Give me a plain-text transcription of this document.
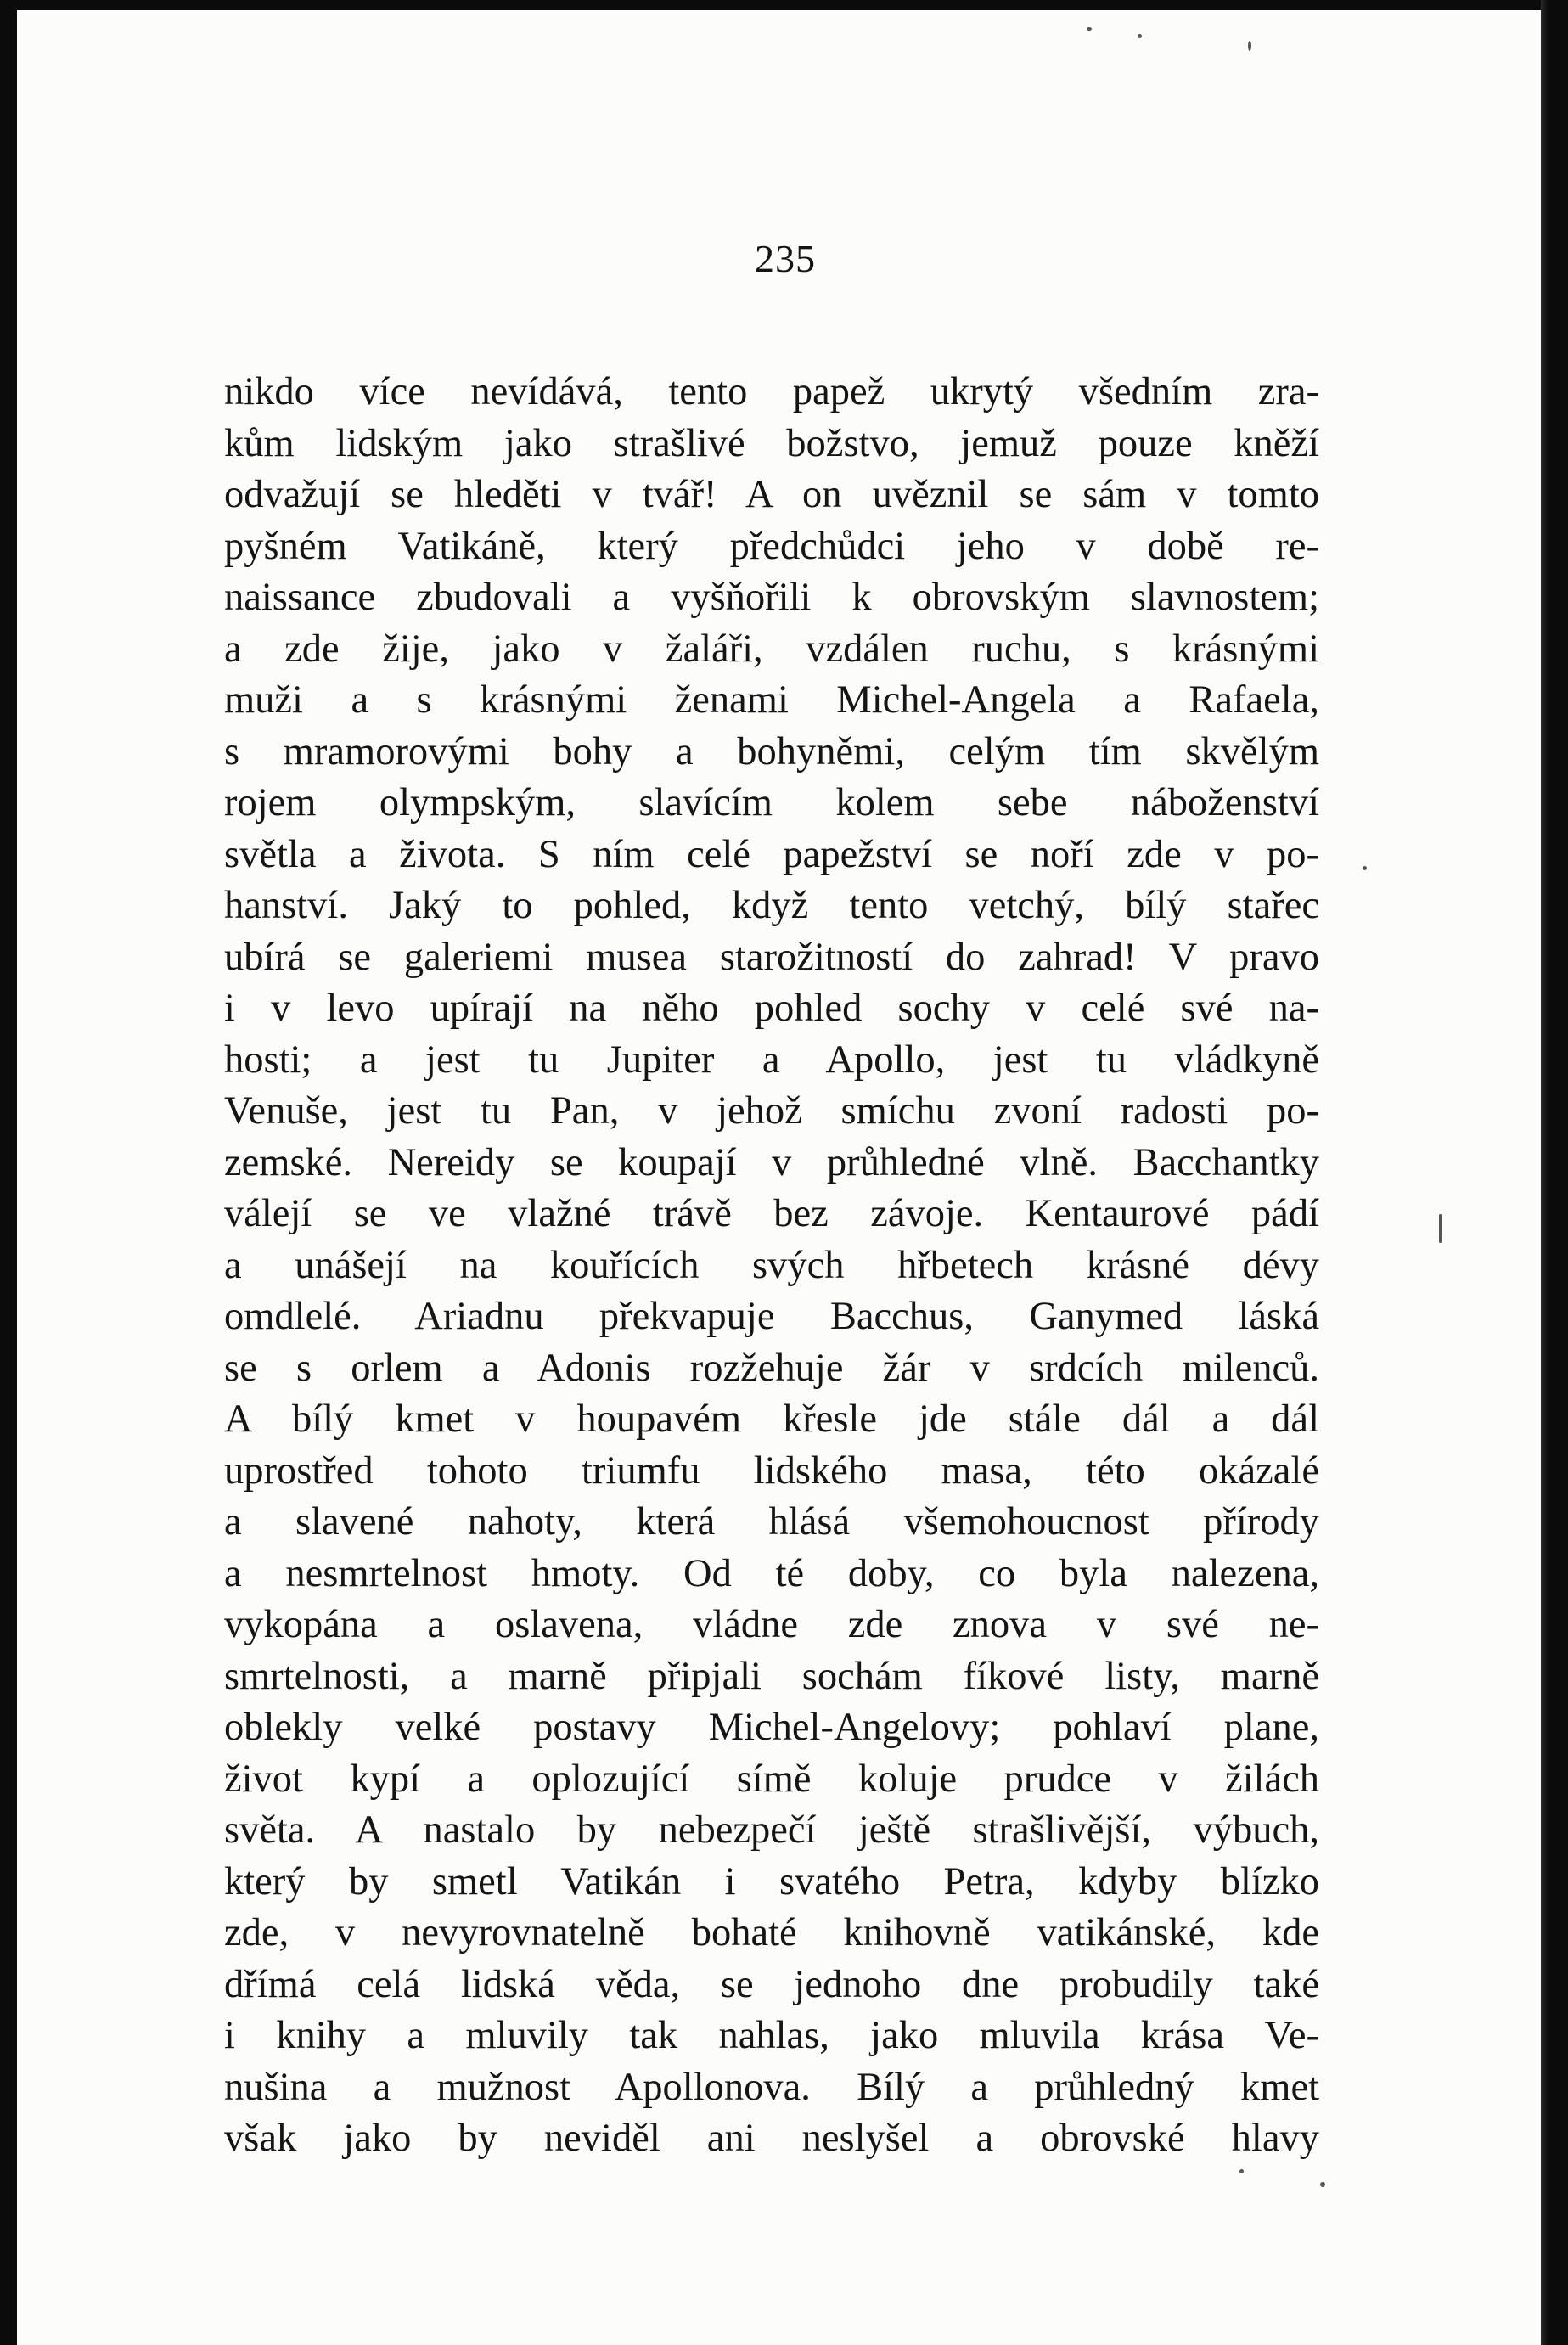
235
nikdo více nevídává, tento papež ukrytý všedním zra-
kům lidským jako strašlivé božstvo, jemuž pouze kněží
odvažují se hleděti v tvář! A on uvěznil se sám v tomto
pyšném Vatikáně, který předchůdci jeho v době re-
naissance zbudovali a vyšňořili k obrovským slavnostem;
a zde žije, jako v žaláři, vzdálen ruchu, s krásnými
muži a s krásnými ženami Michel-Angela a Rafaela,
s mramorovými bohy a bohyněmi, celým tím skvělým
rojem olympským, slavícím kolem sebe náboženství
světla a života. S ním celé papežství se noří zde v po-
hanství. Jaký to pohled, když tento vetchý, bílý stařec
ubírá se galeriemi musea starožitností do zahrad! V pravo
i v levo upírají na něho pohled sochy v celé své na-
hosti; a jest tu Jupiter a Apollo, jest tu vládkyně
Venuše, jest tu Pan, v jehož smíchu zvoní radosti po-
zemské. Nereidy se koupají v průhledné vlně. Bacchantky
válejí se ve vlažné trávě bez závoje. Kentaurové pádí
a unášejí na kouřících svých hřbetech krásné dévy
omdlelé. Ariadnu překvapuje Bacchus, Ganymed láská
se s orlem a Adonis rozžehuje žár v srdcích milenců.
A bílý kmet v houpavém křesle jde stále dál a dál
uprostřed tohoto triumfu lidského masa, této okázalé
a slavené nahoty, která hlásá všemohoucnost přírody
a nesmrtelnost hmoty. Od té doby, co byla nalezena,
vykopána a oslavena, vládne zde znova v své ne-
smrtelnosti, a marně připjali sochám fíkové listy, marně
oblekly velké postavy Michel-Angelovy; pohlaví plane,
život kypí a oplozující símě koluje prudce v žilách
světa. A nastalo by nebezpečí ještě strašlivější, výbuch,
který by smetl Vatikán i svatého Petra, kdyby blízko
zde, v nevyrovnatelně bohaté knihovně vatikánské, kde
dřímá celá lidská věda, se jednoho dne probudily také
i knihy a mluvily tak nahlas, jako mluvila krása Ve-
nušina a mužnost Apollonova. Bílý a průhledný kmet
však jako by neviděl ani neslyšel a obrovské hlavy
